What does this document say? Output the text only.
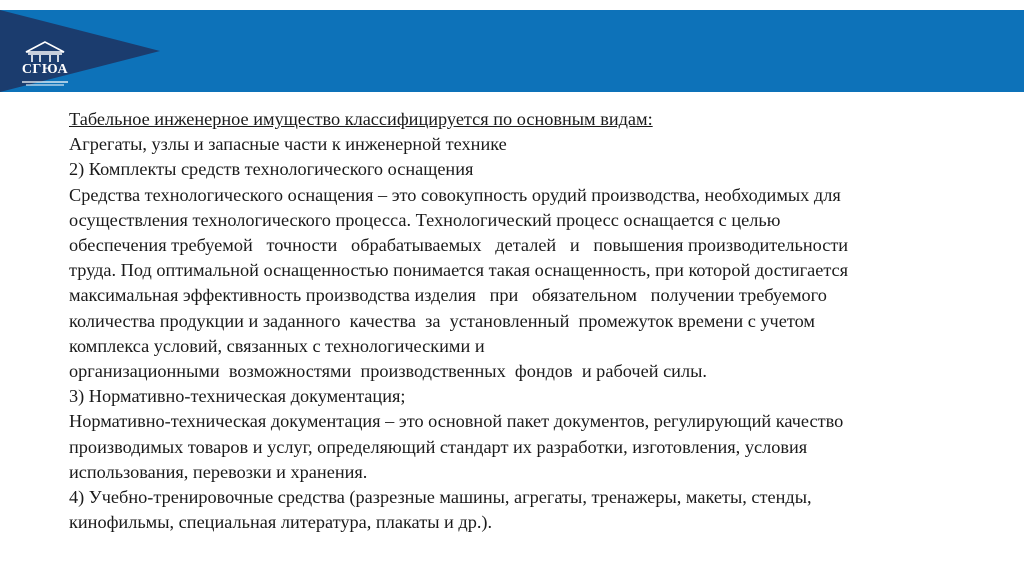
СГЮА

Табельное инженерное имущество классифицируется по основным видам:

Агрегаты, узлы и запасные части к инженерной технике

2) Комплекты средств технологического оснащения

Средства технологического оснащения – это совокупность орудий производства, необходимых для

осуществления технологического процесса. Технологический процесс оснащается с целью

обеспечения требуемой   точности   обрабатываемых   деталей   и   повышения производительности

труда. Под оптимальной оснащенностью понимается такая оснащенность, при которой достигается

максимальная эффективность производства изделия   при   обязательном   получении требуемого

количества продукции и заданного  качества  за  установленный  промежуток времени с учетом

комплекса условий, связанных с технологическими и

организационными  возможностями  производственных  фондов  и рабочей силы.

3) Нормативно-техническая документация;

Нормативно-техническая документация – это основной пакет документов, регулирующий качество

производимых товаров и услуг, определяющий стандарт их разработки, изготовления, условия

использования, перевозки и хранения.

4) Учебно-тренировочные средства (разрезные машины, агрегаты, тренажеры, макеты, стенды,

кинофильмы, специальная литература, плакаты и др.).
